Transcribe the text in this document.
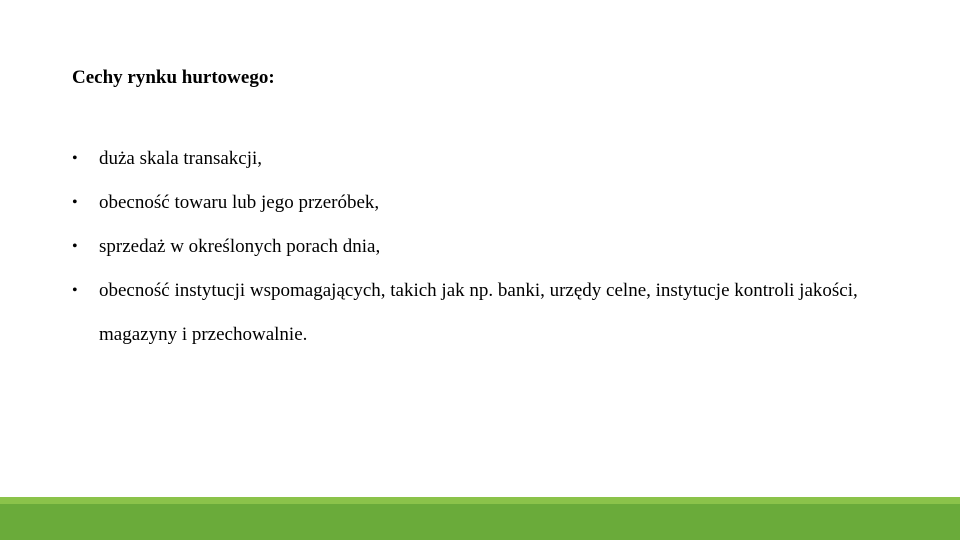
Cechy rynku hurtowego:
• duża skala transakcji,
• obecność towaru lub jego przeróbek,
• sprzedaż w określonych porach dnia,
• obecność instytucji wspomagających, takich jak np. banki, urzędy celne, instytucje kontroli jakości, magazyny i przechowalnie.
